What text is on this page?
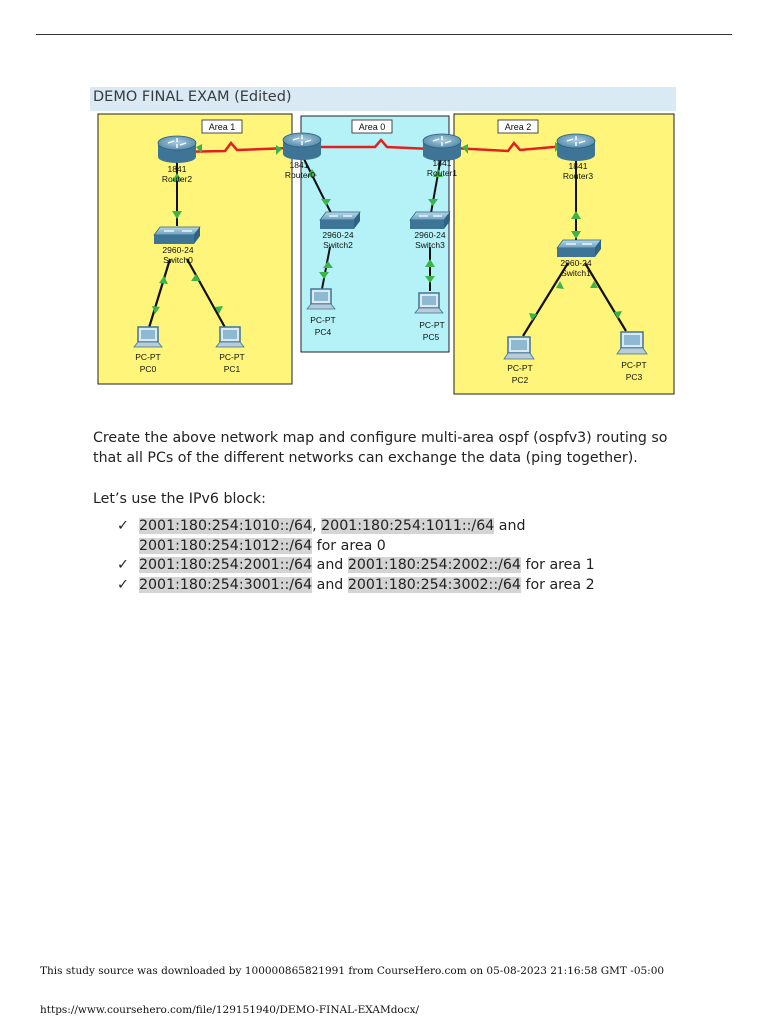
DEMO FINAL EXAM (Edited)
Area 1	Area 0	Area 2
1841
Router2
1841
Router0
1841
Router1
1841
Router3
2960-24
Switch0
2960-24
Switch2
2960-24
Switch3
2960-24
Switch1
PC-PT
PC0
PC-PT
PC1
PC-PT
PC4
PC-PT
PC5
PC-PT
PC2
PC-PT
PC3
Create the above network map and configure multi-area ospf (ospfv3) routing so that all PCs of the different networks can exchange the data (ping together).
Let’s use the IPv6 block:
✓ 2001:180:254:1010::/64, 2001:180:254:1011::/64 and
2001:180:254:1012::/64 for area 0
✓ 2001:180:254:2001::/64 and 2001:180:254:2002::/64 for area 1
✓ 2001:180:254:3001::/64 and 2001:180:254:3002::/64 for area 2
This study source was downloaded by 100000865821991 from CourseHero.com on 05-08-2023 21:16:58 GMT -05:00
https://www.coursehero.com/file/129151940/DEMO-FINAL-EXAMdocx/
